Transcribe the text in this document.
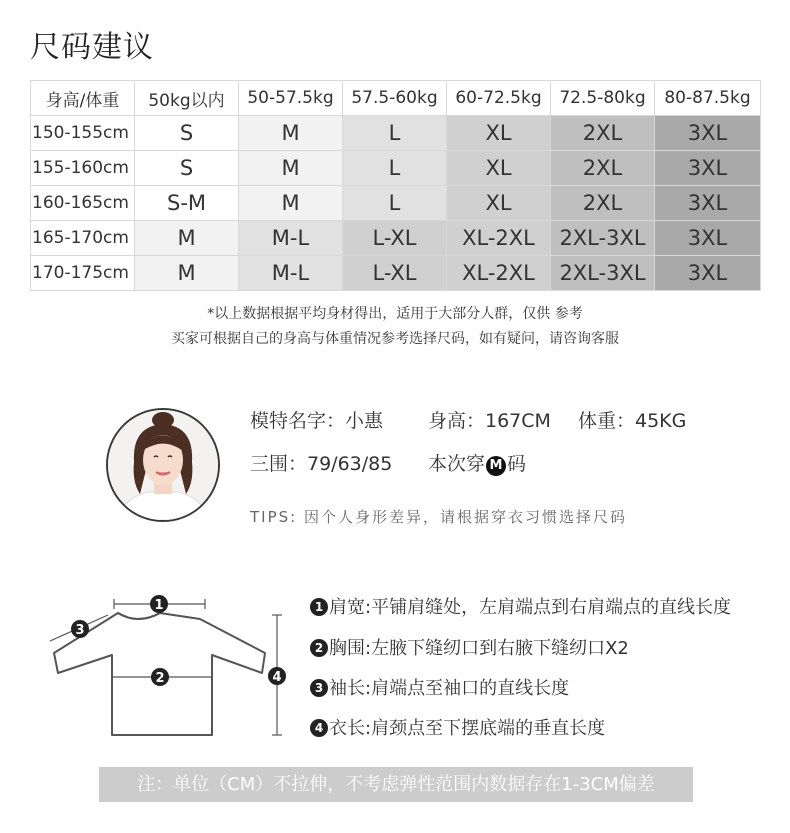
尺码建议
身高/体重	50kg以内	50-57.5kg	57.5-60kg	60-72.5kg	72.5-80kg	80-87.5kg
150-155cm	S	M	L	XL	2XL	3XL
155-160cm	S	M	L	XL	2XL	3XL
160-165cm	S-M	M	L	XL	2XL	3XL
165-170cm	M	M-L	L-XL	XL-2XL	2XL-3XL	3XL
170-175cm	M	M-L	L-XL	XL-2XL	2XL-3XL	3XL
*以上数据根据平均身材得出，适用于大部分人群，仅供 参考
买家可根据自己的身高与体重情况参考选择尺码，如有疑问，请咨询客服
模特名字：小惠 身高：167CM 体重：45KG
三围：79/63/85 本次穿 M 码
TIPS: 因个人身形差异，请根据穿衣习惯选择尺码
1
2
3
4
1 肩宽:平铺肩缝处，左肩端点到右肩端点的直线长度
2 胸围:左腋下缝纫口到右腋下缝纫口X2
3 袖长:肩端点至袖口的直线长度
4 衣长:肩颈点至下摆底端的垂直长度
注：单位（CM）不拉伸，不考虑弹性范围内数据存在1-3CM偏差
